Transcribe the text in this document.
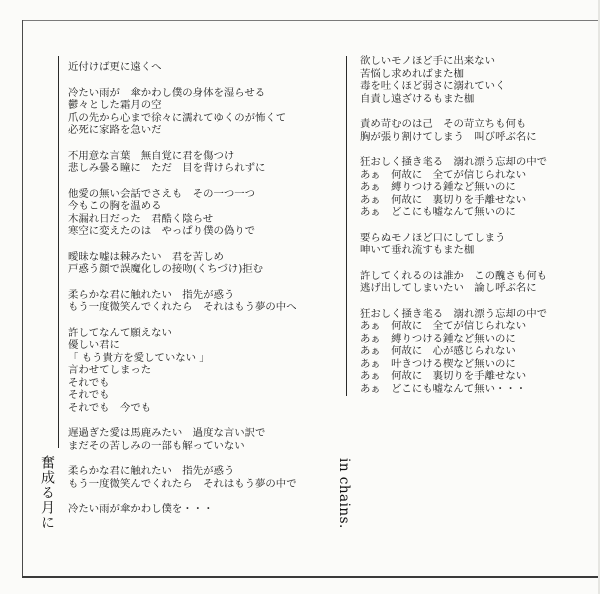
奮成る月に	in chains.
近付けば更に遠くへ
冷たい雨が　傘かわし僕の身体を湿らせる
鬱々とした霜月の空
爪の先から心まで徐々に濡れてゆくのが怖くて
必死に家路を急いだ
不用意な言葉　無自覚に君を傷つけ
悲しみ曇る瞳に　ただ　目を背けられずに
他愛の無い会話でさえも　その一つ一つ
今もこの胸を温める
木漏れ日だった　君酷く陰らせ
寒空に変えたのは　やっぱり僕の偽りで
曖昧な嘘は棘みたい　君を苦しめ
戸惑う顔で誤魔化しの接吻(くちづけ)拒む
柔らかな君に触れたい　指先が惑う
もう一度微笑んでくれたら　それはもう夢の中へ
許してなんて願えない
優しい君に
「 もう貴方を愛していない 」
言わせてしまった
それでも
それでも
それでも　今でも
遅過ぎた愛は馬鹿みたい　過度な言い訳で
まだその苦しみの一部も解っていない
柔らかな君に触れたい　指先が惑う
もう一度微笑んでくれたら　それはもう夢の中で
冷たい雨が傘かわし僕を・・・
欲しいモノほど手に出来ない
苦悩し求めればまた枷
毒を吐くほど弱さに溺れていく
自責し遠ざけるもまた枷
責め苛むのは己　その苛立ちも何も
胸が張り割けてしまう　叫び呼ぶ名に
狂おしく掻き毟る　溺れ漂う忘却の中で
あぁ　何故に　全てが信じられない
あぁ　縛りつける鍾など無いのに
あぁ　何故に　裏切りを手離せない
あぁ　どこにも嘘なんて無いのに
要らぬモノほど口にしてしまう
呻いて垂れ流すもまた枷
許してくれるのは誰か　この醜さも何も
逃げ出してしまいたい　論し呼ぶ名に
狂おしく掻き毟る　溺れ漂う忘却の中で
あぁ　何故に　全てが信じられない
あぁ　縛りつける鍾など無いのに
あぁ　何故に　心が感じられない
あぁ　叶きつける楔など無いのに
あぁ　何故に　裏切りを手離せない
あぁ　どこにも嘘なんて無い・・・
